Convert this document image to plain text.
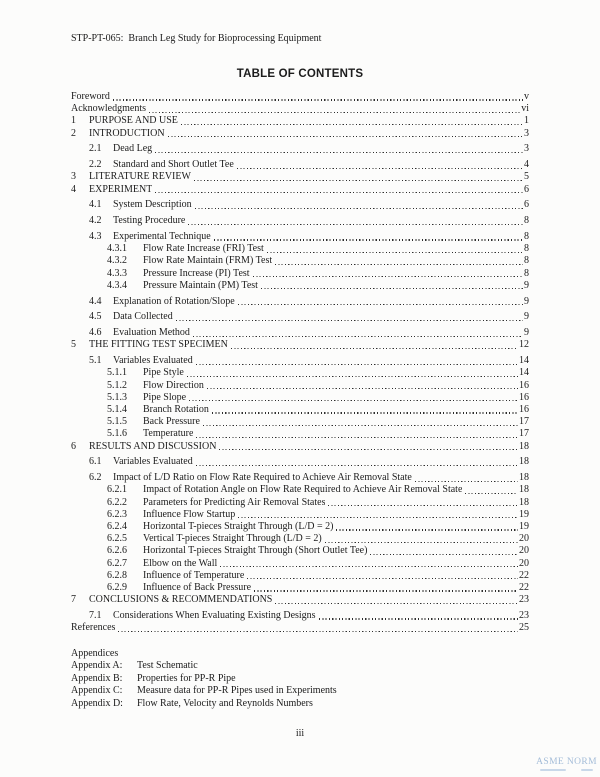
STP-PT-065:  Branch Leg Study for Bioprocessing Equipment
TABLE OF CONTENTS
Foreword	v
Acknowledgments	vi
1	PURPOSE AND USE	1
2	INTRODUCTION	3
2.1	Dead Leg	3
2.2	Standard and Short Outlet Tee	4
3	LITERATURE REVIEW	5
4	EXPERIMENT	6
4.1	System Description	6
4.2	Testing Procedure	8
4.3	Experimental Technique	8
4.3.1	Flow Rate Increase (FRI) Test	8
4.3.2	Flow Rate Maintain (FRM) Test	8
4.3.3	Pressure Increase (PI) Test	8
4.3.4	Pressure Maintain (PM) Test	9
4.4	Explanation of Rotation/Slope	9
4.5	Data Collected	9
4.6	Evaluation Method	9
5	THE FITTING TEST SPECIMEN	12
5.1	Variables Evaluated	14
5.1.1	Pipe Style	14
5.1.2	Flow Direction	16
5.1.3	Pipe Slope	16
5.1.4	Branch Rotation	16
5.1.5	Back Pressure	17
5.1.6	Temperature	17
6	RESULTS AND DISCUSSION	18
6.1	Variables Evaluated	18
6.2	Impact of L/D Ratio on Flow Rate Required to Achieve Air Removal State	18
6.2.1	Impact of Rotation Angle on Flow Rate Required to Achieve Air Removal State	18
6.2.2	Parameters for Predicting Air Removal States	18
6.2.3	Influence Flow Startup	19
6.2.4	Horizontal T-pieces Straight Through (L/D = 2)	19
6.2.5	Vertical T-pieces Straight Through (L/D = 2)	20
6.2.6	Horizontal T-pieces Straight Through (Short Outlet Tee)	20
6.2.7	Elbow on the Wall	20
6.2.8	Influence of Temperature	22
6.2.9	Influence of Back Pressure	22
7	CONCLUSIONS & RECOMMENDATIONS	23
7.1	Considerations When Evaluating Existing Designs	23
References	25
Appendices
Appendix A:	Test Schematic
Appendix B:	Properties for PP-R Pipe
Appendix C:	Measure data for PP-R Pipes used in Experiments
Appendix D:	Flow Rate, Velocity and Reynolds Numbers
iii
ASME NORM
